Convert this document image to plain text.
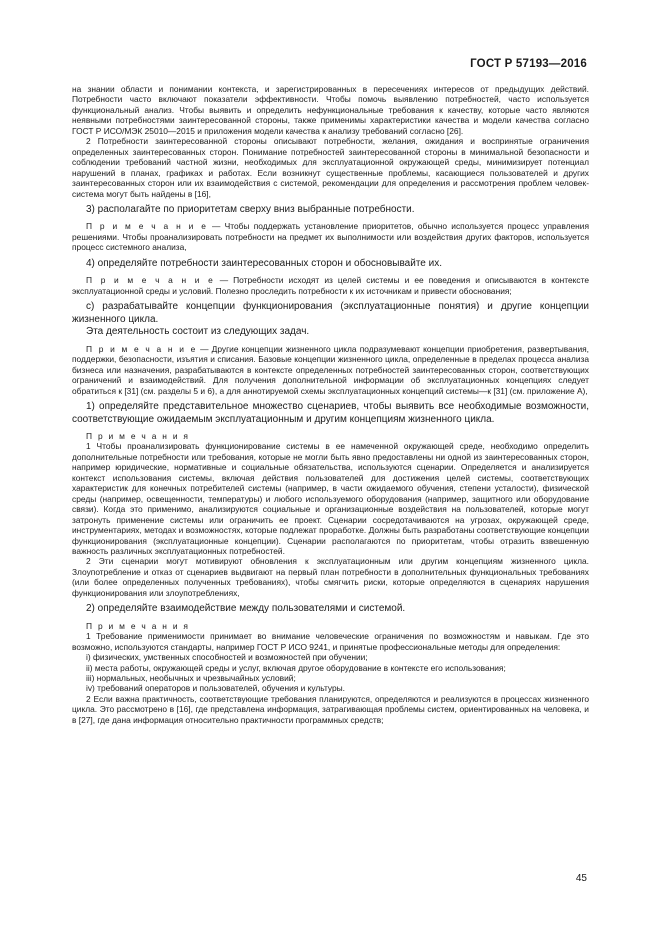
ГОСТ Р 57193—2016

на знании области и понимании контекста, и зарегистрированных в пересечениях интересов от предыдущих действий. Потребности часто включают показатели эффективности. Чтобы помочь выявлению потребностей, часто используется функциональный анализ. Чтобы выявить и определить нефункциональные требования к качеству, которые часто являются неявными потребностями заинтересованной стороны, также применимы характеристики качества и модели качества согласно ГОСТ Р ИСО/МЭК 25010—2015 и приложения модели качества к анализу требований согласно [26].

2 Потребности заинтересованной стороны описывают потребности, желания, ожидания и воспринятые ограничения определенных заинтересованных сторон. Понимание потребностей заинтересованной стороны в минимальной безопасности и соблюдении требований частной жизни, необходимых для эксплуатационной окружающей среды, минимизирует потенциал нарушений в планах, графиках и работах. Если возникнут существенные проблемы, касающиеся пользователей и других заинтересованных сторон или их взаимодействия с системой, рекомендации для определения и рассмотрения проблем человек-система могут быть найдены в [16],

3) располагайте по приоритетам сверху вниз выбранные потребности.

П р и м е ч а н и е — Чтобы поддержать установление приоритетов, обычно используется процесс управления решениями. Чтобы проанализировать потребности на предмет их выполнимости или воздействия других факторов, используется процесс системного анализа,

4) определяйте потребности заинтересованных сторон и обосновывайте их.

П р и м е ч а н и е — Потребности исходят из целей системы и ее поведения и описываются в контексте эксплуатационной среды и условий. Полезно проследить потребности к их источникам и привести обоснования;

с) разрабатывайте концепции функционирования (эксплуатационные понятия) и другие концепции жизненного цикла.

Эта деятельность состоит из следующих задач.

П р и м е ч а н и е — Другие концепции жизненного цикла подразумевают концепции приобретения, развертывания, поддержки, безопасности, изъятия и списания. Базовые концепции жизненного цикла, определенные в пределах процесса анализа бизнеса или назначения, разрабатываются в контексте определенных потребностей заинтересованных сторон, соответствующих ограничений и взаимодействий. Для получения дополнительной информации об эксплуатационных концепциях следует обратиться к [31] (см. разделы 5 и 6), а для аннотируемой схемы эксплуатационных концепций системы—к [31] (см. приложение А),

1) определяйте представительное множество сценариев, чтобы выявить все необходимые возможности, соответствующие ожидаемым эксплуатационным и другим концепциям жизненного цикла.

П р и м е ч а н и я

1 Чтобы проанализировать функционирование системы в ее намеченной окружающей среде, необходимо определить дополнительные потребности или требования, которые не могли быть явно предоставлены ни одной из заинтересованных сторон, например юридические, нормативные и социальные обязательства, используются сценарии. Определяется и анализируется контекст использования системы, включая действия пользователей для достижения целей системы, соответствующих характеристик для конечных потребителей системы (например, в части ожидаемого обучения, степени усталости), физической среды (например, освещенности, температуры) и любого используемого оборудования (например, защитного или оборудование связи). Когда это применимо, анализируются социальные и организационные воздействия на пользователей, которые могут затронуть применение системы или ограничить ее проект. Сценарии сосредотачиваются на угрозах, окружающей среде, инструментариях, методах и возможностях, которые подлежат проработке. Должны быть разработаны соответствующие концепции функционирования (эксплуатационные концепции). Сценарии располагаются по приоритетам, чтобы отразить взвешенную важность различных эксплуатационных потребностей.

2 Эти сценарии могут мотивируют обновления к эксплуатационным или другим концепциям жизненного цикла. Злоупотребление и отказ от сценариев выдвигают на первый план потребности в дополнительных функциональных требованиях (или более определенных полученных требованиях), чтобы смягчить риски, которые определяются в сценариях нарушения функционирования или злоупотреблениях,

2) определяйте взаимодействие между пользователями и системой.

П р и м е ч а н и я

1 Требование применимости принимает во внимание человеческие ограничения по возможностям и навыкам. Где это возможно, используются стандарты, например ГОСТ Р ИСО 9241, и принятые профессиональные методы для определения:

i) физических, умственных способностей и возможностей при обучении;

ii) места работы, окружающей среды и услуг, включая другое оборудование в контексте его использования;

iii) нормальных, необычных и чрезвычайных условий;

iv) требований операторов и пользователей, обучения и культуры.

2 Если важна практичность, соответствующие требования планируются, определяются и реализуются в процессах жизненного цикла. Это рассмотрено в [16], где представлена информация, затрагивающая проблемы систем, ориентированных на человека, и в [27], где дана информация относительно практичности программных средств;

45
